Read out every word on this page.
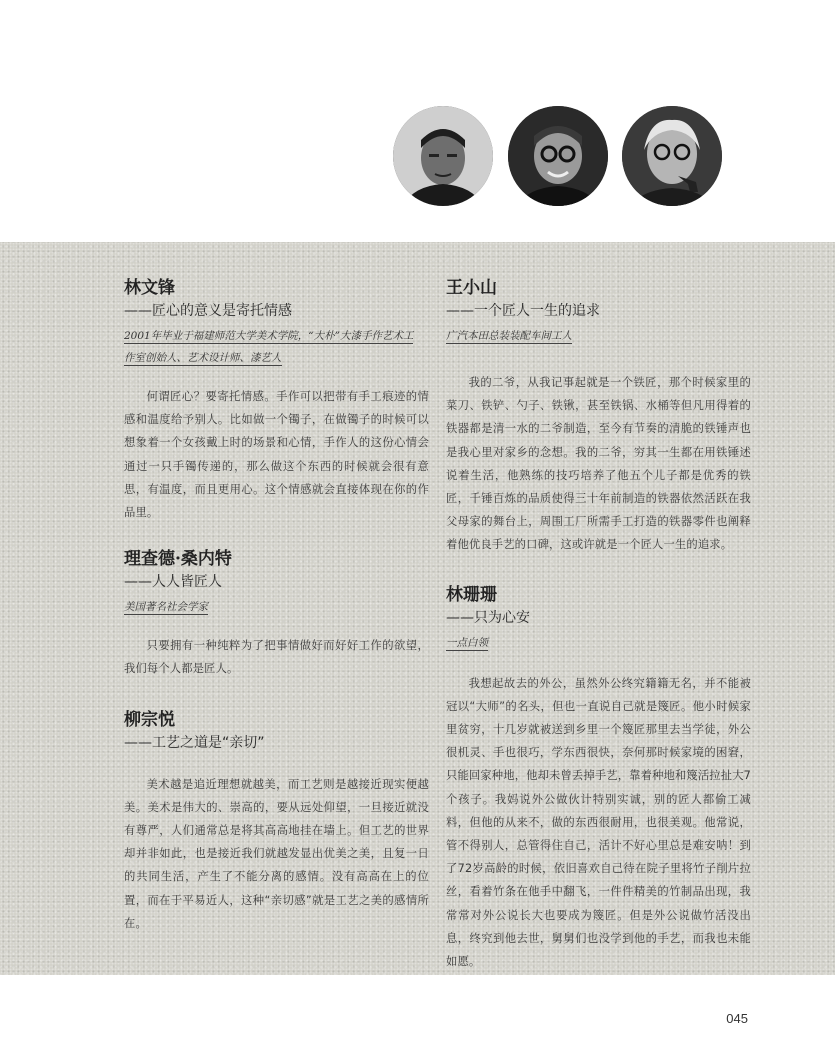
林文锋
——匠心的意义是寄托情感

2001年毕业于福建师范大学美术学院，“大朴”大漆手作艺术工

作室创始人、艺术设计师、漆艺人

何谓匠心？要寄托情感。手作可以把带有手工痕迹的情感和温度给予别人。比如做一个镯子，在做镯子的时候可以想象着一个女孩戴上时的场景和心情，手作人的这份心情会通过一只手镯传递的，那么做这个东西的时候就会很有意思，有温度，而且更用心。这个情感就会直接体现在你的作品里。

理查德·桑内特
——人人皆匠人

美国著名社会学家

只要拥有一种纯粹为了把事情做好而好好工作的欲望，我们每个人都是匠人。

柳宗悦
——工艺之道是“亲切”

美术越是追近理想就越美，而工艺则是越接近现实便越美。美术是伟大的、崇高的，要从远处仰望，一旦接近就没有尊严，人们通常总是将其高高地挂在墙上。但工艺的世界却并非如此，也是接近我们就越发显出优美之美，且复一日的共同生活，产生了不能分离的感情。没有高高在上的位置，而在于平易近人，这种“亲切感”就是工艺之美的感情所在。

王小山
——一个匠人一生的追求

广汽本田总装装配车间工人

我的二爷，从我记事起就是一个铁匠，那个时候家里的菜刀、铁铲、勺子、铁锹，甚至铁锅、水桶等但凡用得着的铁器都是清一水的二爷制造，至今有节奏的清脆的铁锤声也是我心里对家乡的念想。我的二爷，穷其一生都在用铁锤述说着生活，他熟练的技巧培养了他五个儿子都是优秀的铁匠，千锤百炼的品质使得三十年前制造的铁器依然活跃在我父母家的舞台上，周围工厂所需手工打造的铁器零件也阐释着他优良手艺的口碑，这或许就是一个匠人一生的追求。

林珊珊
——只为心安

一点白领

我想起故去的外公，虽然外公终究籍籍无名，并不能被冠以“大师”的名头，但也一直说自己就是篾匠。他小时候家里贫穷，十几岁就被送到乡里一个篾匠那里去当学徒，外公很机灵、手也很巧，学东西很快，奈何那时候家境的困窘，只能回家种地，他却未曾丢掉手艺，靠着种地和篾活拉扯大7个孩子。我妈说外公做伙计特别实诚，别的匠人都偷工减料，但他的从来不，做的东西很耐用，也很美观。他常说，管不得别人，总管得住自己，活计不好心里总是难安呐！到了72岁高龄的时候，依旧喜欢自己待在院子里将竹子削片拉丝，看着竹条在他手中翻飞，一件件精美的竹制品出现，我常常对外公说长大也要成为篾匠。但是外公说做竹活没出息，终究到他去世，舅舅们也没学到他的手艺，而我也未能如愿。

045
